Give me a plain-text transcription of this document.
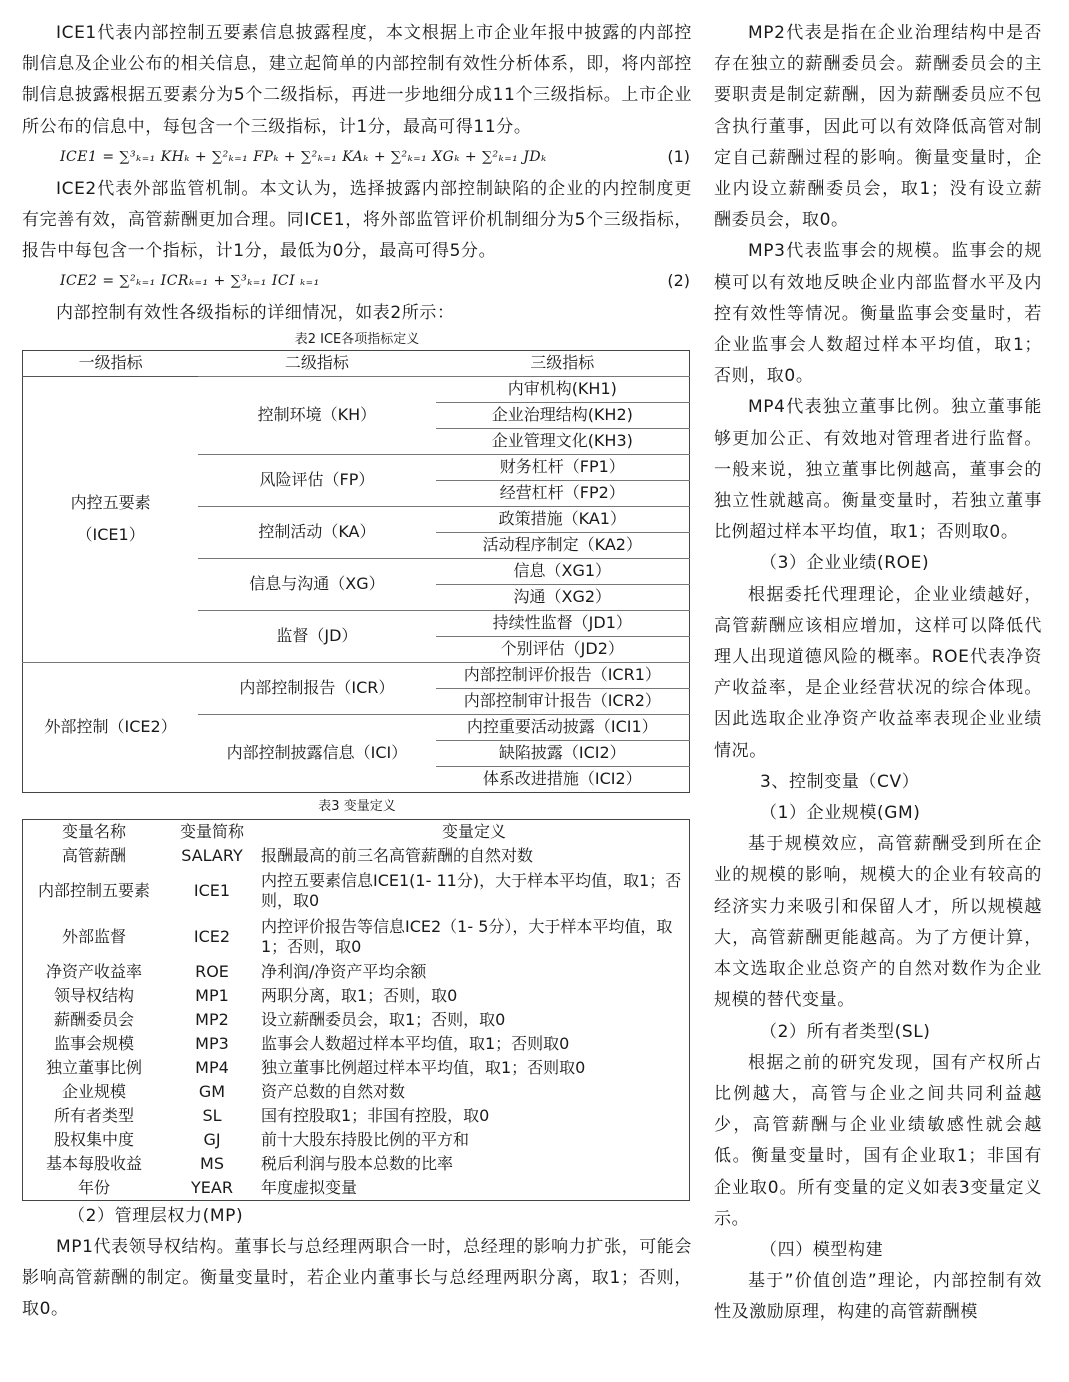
ICE1代表内部控制五要素信息披露程度，本文根据上市企业年报中披露的内部控制信息及企业公布的相关信息，建立起简单的内部控制有效性分析体系，即，将内部控制信息披露根据五要素分为5个二级指标，再进一步地细分成11个三级指标。上市企业所公布的信息中，每包含一个三级指标，计1分，最高可得11分。

ICE1 = ∑³ₖ₌₁ KHₖ + ∑²ₖ₌₁ FPₖ + ∑²ₖ₌₁ KAₖ + ∑²ₖ₌₁ XGₖ + ∑²ₖ₌₁ JDₖ	(1)

ICE2代表外部监管机制。本文认为，选择披露内部控制缺陷的企业的内控制度更有完善有效，高管薪酬更加合理。同ICE1，将外部监管评价机制细分为5个三级指标，报告中每包含一个指标，计1分，最低为0分，最高可得5分。

ICE2 = ∑²ₖ₌₁ ICRₖ₌₁ + ∑³ₖ₌₁ ICI ₖ₌₁	(2)

内部控制有效性各级指标的详细情况，如表2所示：

表2 ICE各项指标定义

一级指标	二级指标	三级指标
内控五要素
（ICE1）	控制环境（KH）	内审机构(KH1)
		企业治理结构(KH2)
		企业管理文化(KH3)
	风险评估（FP）	财务杠杆（FP1）
		经营杠杆（FP2）
	控制活动（KA）	政策措施（KA1）
		活动程序制定（KA2）
	信息与沟通（XG）	信息（XG1）
		沟通（XG2）
	监督（JD）	持续性监督（JD1）
		个别评估（JD2）
外部控制（ICE2）	内部控制报告（ICR）	内部控制评价报告（ICR1）
		内部控制审计报告（ICR2）
	内部控制披露信息（ICI）	内控重要活动披露（ICI1）
		缺陷披露（ICI2）
		体系改进措施（ICI2）

表3 变量定义

变量名称	变量简称	变量定义
高管薪酬	SALARY	报酬最高的前三名高管薪酬的自然对数
内部控制五要素	ICE1	内控五要素信息ICE1(1- 11分)，大于样本平均值，取1；否则，取0
外部监督	ICE2	内控评价报告等信息ICE2（1- 5分），大于样本平均值，取1；否则，取0
净资产收益率	ROE	净利润/净资产平均余额
领导权结构	MP1	两职分离，取1；否则，取0
薪酬委员会	MP2	设立薪酬委员会，取1；否则，取0
监事会规模	MP3	监事会人数超过样本平均值，取1；否则取0
独立董事比例	MP4	独立董事比例超过样本平均值，取1；否则取0
企业规模	GM	资产总数的自然对数
所有者类型	SL	国有控股取1；非国有控股，取0
股权集中度	GJ	前十大股东持股比例的平方和
基本每股收益	MS	税后利润与股本总数的比率
年份	YEAR	年度虚拟变量

（2）管理层权力(MP)

MP1代表领导权结构。董事长与总经理两职合一时，总经理的影响力扩张，可能会影响高管薪酬的制定。衡量变量时，若企业内董事长与总经理两职分离，取1；否则，取0。

MP2代表是指在企业治理结构中是否存在独立的薪酬委员会。薪酬委员会的主要职责是制定薪酬，因为薪酬委员应不包含执行董事，因此可以有效降低高管对制定自己薪酬过程的影响。衡量变量时，企业内设立薪酬委员会，取1；没有设立薪酬委员会，取0。

MP3代表监事会的规模。监事会的规模可以有效地反映企业内部监督水平及内控有效性等情况。衡量监事会变量时，若企业监事会人数超过样本平均值，取1；否则，取0。

MP4代表独立董事比例。独立董事能够更加公正、有效地对管理者进行监督。一般来说，独立董事比例越高，董事会的独立性就越高。衡量变量时，若独立董事比例超过样本平均值，取1；否则取0。

（3）企业业绩(ROE)

根据委托代理理论，企业业绩越好，高管薪酬应该相应增加，这样可以降低代理人出现道德风险的概率。ROE代表净资产收益率，是企业经营状况的综合体现。因此选取企业净资产收益率表现企业业绩情况。

3、控制变量（CV）

（1）企业规模(GM)

基于规模效应，高管薪酬受到所在企业的规模的影响，规模大的企业有较高的经济实力来吸引和保留人才，所以规模越大，高管薪酬更能越高。为了方便计算，本文选取企业总资产的自然对数作为企业规模的替代变量。

（2）所有者类型(SL)

根据之前的研究发现，国有产权所占比例越大，高管与企业之间共同利益越少，高管薪酬与企业业绩敏感性就会越低。衡量变量时，国有企业取1；非国有企业取0。所有变量的定义如表3变量定义示。

（四）模型构建

基于”价值创造”理论，内部控制有效性及激励原理，构建的高管薪酬模
